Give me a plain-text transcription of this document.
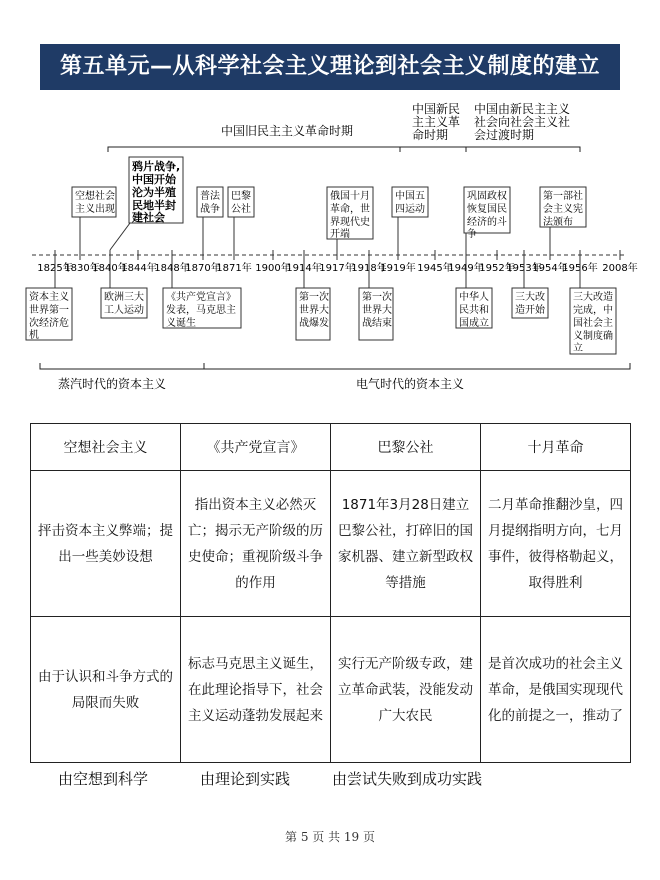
第五单元—从科学社会主义理论到社会主义制度的建立
中国旧民主主义革命时期
中国新民 主主义革 命时期
中国由新民主主义 社会向社会主义社 会过渡时期
1825年
1830年
1840年
1844年
1848年
1870年
1871年 1900年
1914年
1917年
1918年
1919年 1945年
1949年
1952年
1953年
1954年
1956年 2008年
空想社会主义出现
鸦片战争,中国开始沦为半殖民地半封建社会
普法战争
巴黎公社
俄国十月革命，世界现代史开端
中国五四运动
巩固政权恢复国民经济的斗争
第一部社会主义宪法颁布
资本主义世界第一次经济危机
欧洲三大工人运动
《共产党宣言》发表，马克思主义诞生
第一次世界大战爆发
第一次世界大战结束
中华人民共和国成立
三大改造开始
三大改造完成，中国社会主义制度确立
蒸汽时代的资本主义	电气时代的资本主义
空想社会主义	《共产党宣言》	巴黎公社	十月革命
抨击资本主义弊端；提出一些美妙设想	指出资本主义必然灭亡；揭示无产阶级的历史使命；重视阶级斗争的作用	1871年3月28日建立巴黎公社，打碎旧的国家机器、建立新型政权等措施	二月革命推翻沙皇，四月提纲指明方向，七月事件，彼得格勒起义，取得胜利
由于认识和斗争方式的局限而失败	标志马克思主义诞生，在此理论指导下，社会主义运动蓬勃发展起来	实行无产阶级专政，建立革命武装，没能发动广大农民	是首次成功的社会主义革命，是俄国实现现代化的前提之一，推动了
由空想到科学	由理论到实践	由尝试失败到成功实践
第 5 页 共 19 页
